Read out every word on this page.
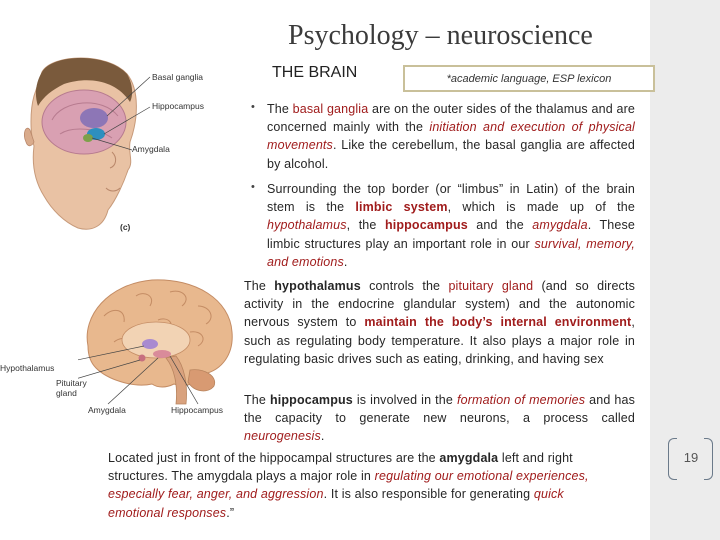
19
Psychology – neuroscience
THE BRAIN	*academic language, ESP lexicon
Basal ganglia
Hippocampus
Amygdala
(c)
Hypothalamus
Pituitary
gland
Amygdala	Hippocampus
• The basal ganglia are on the outer sides of the thalamus and are concerned mainly with the initiation and execution of physical movements. Like the cerebellum, the basal ganglia are affected by alcohol.
• Surrounding the top border (or “limbus” in Latin) of the brain stem is the limbic system, which is made up of the hypothalamus, the hippocampus and the amygdala. These limbic structures play an important role in our survival, memory, and emotions.
The hypothalamus controls the pituitary gland (and so directs activity in the endocrine glandular system) and the autonomic nervous system to maintain the body’s internal environment, such as regulating body temperature. It also plays a major role in regulating basic drives such as eating, drinking, and having sex
The hippocampus is involved in the formation of memories and has the capacity to generate new neurons, a process called neurogenesis.
Located just in front of the hippocampal structures are the amygdala left and right structures. The amygdala plays a major role in regulating our emotional experiences, especially fear, anger, and aggression. It is also responsible for generating quick emotional responses.”
